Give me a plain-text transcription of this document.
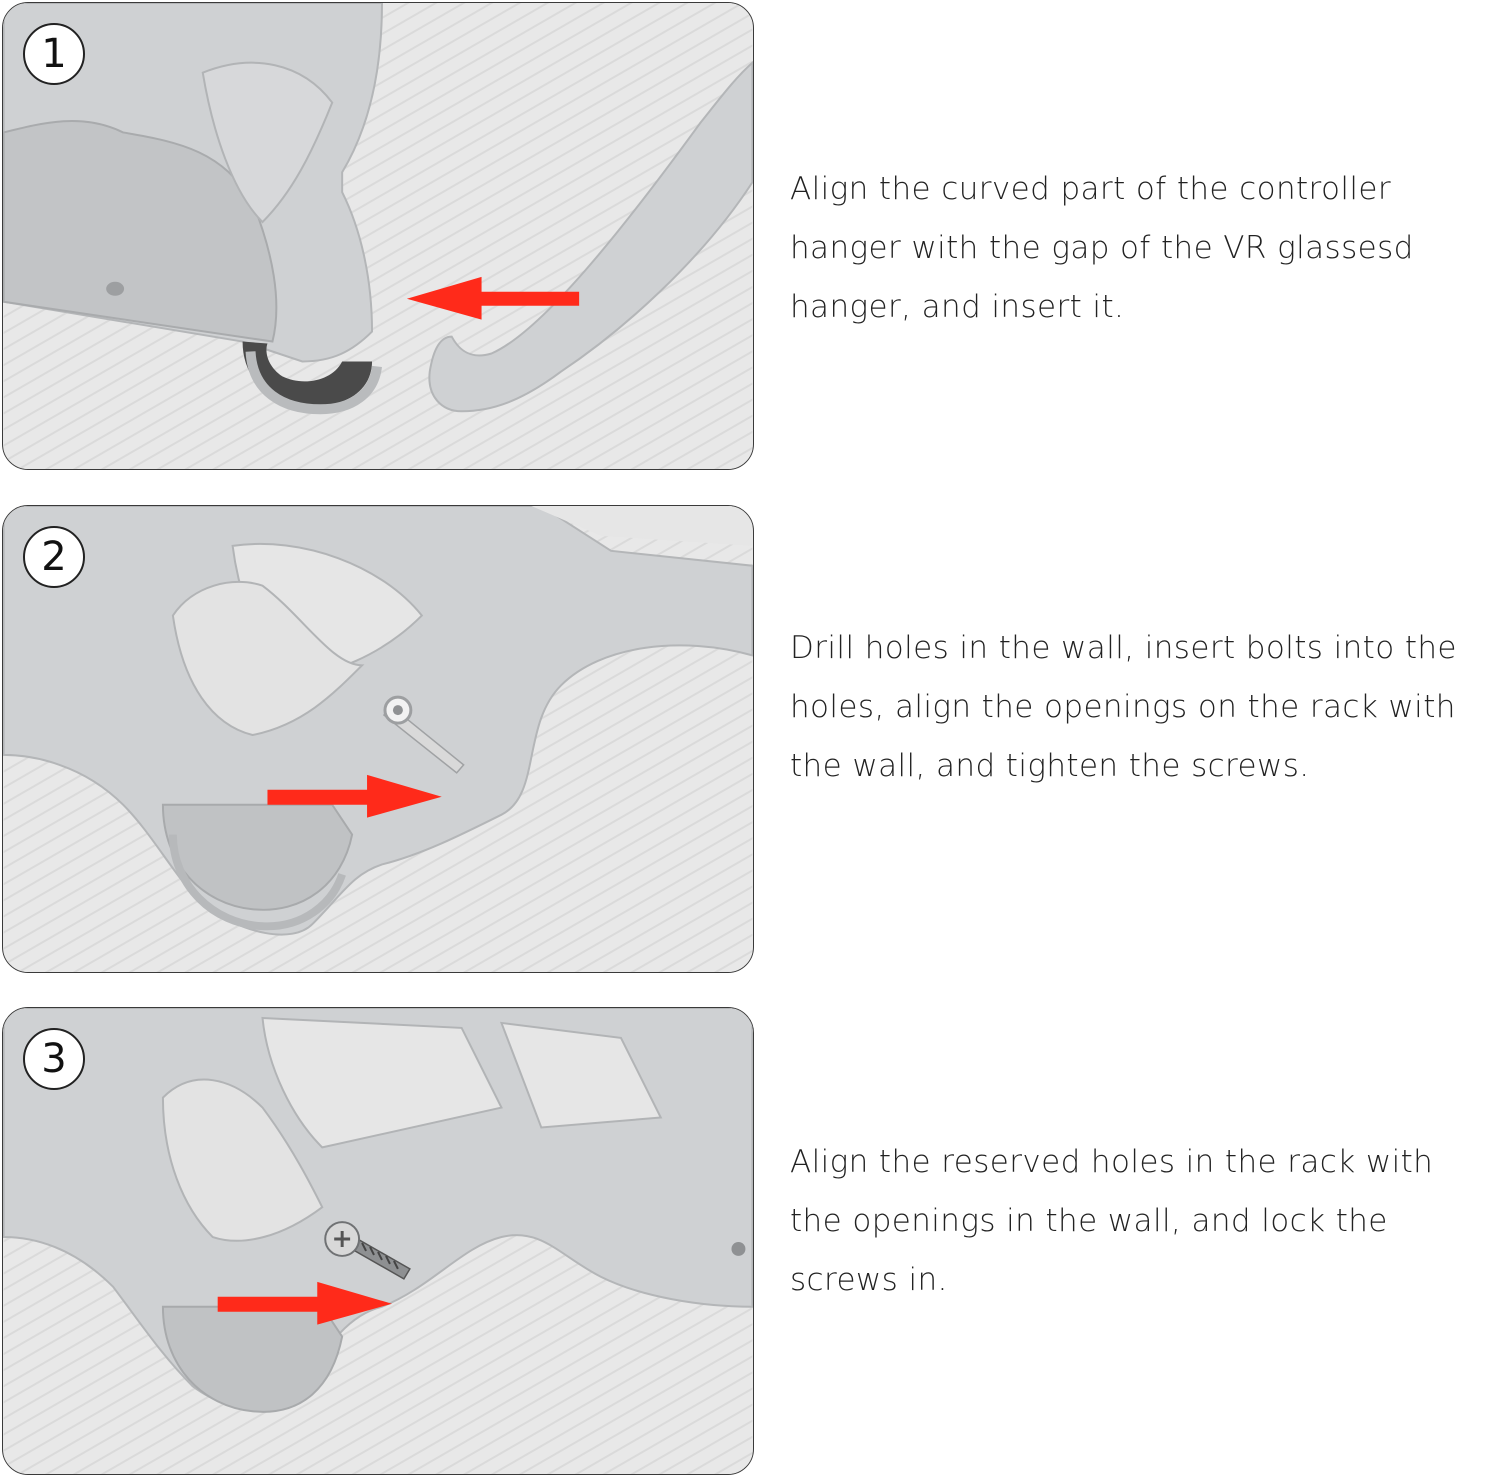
1

Align the curved part of the controller hanger with the gap of the VR glassesd hanger, and insert it.

2

Drill holes in the wall, insert bolts into the holes, align the openings on the rack with the wall, and tighten the screws.

3

Align the reserved holes in the rack with the openings in the wall, and lock the screws in.
